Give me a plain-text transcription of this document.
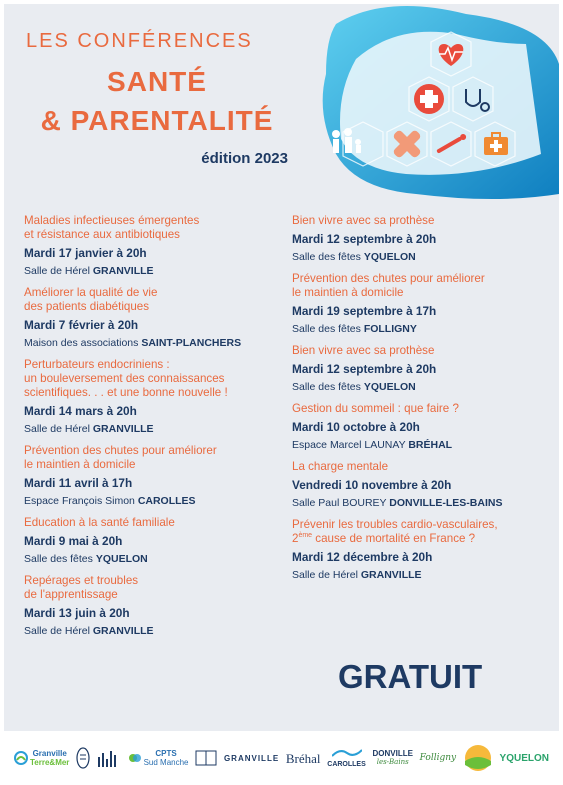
LES CONFÉRENCES
SANTÉ
& PARENTALITÉ
édition 2023
Maladies infectieuses émergentes
et résistance aux antibiotiques
Mardi 17 janvier à 20h
Salle de Hérel GRANVILLE
Améliorer la qualité de vie
des patients diabétiques
Mardi 7 février à 20h
Maison des associations SAINT-PLANCHERS
Perturbateurs endocriniens :
un bouleversement des connaissances
scientifiques. . . et une bonne nouvelle !
Mardi 14 mars à 20h
Salle de Hérel GRANVILLE
Prévention des chutes pour améliorer
le maintien à domicile
Mardi 11 avril à 17h
Espace François Simon CAROLLES
Education à la santé familiale
Mardi 9 mai à 20h
Salle des fêtes YQUELON
Repérages et troubles
de l'apprentissage
Mardi 13 juin à 20h
Salle de Hérel GRANVILLE
Bien vivre avec sa prothèse
Mardi 12 septembre à 20h
Salle des fêtes YQUELON
Prévention des chutes pour améliorer
le maintien à domicile
Mardi 19 septembre à 17h
Salle des fêtes FOLLIGNY
Bien vivre avec sa prothèse
Mardi 12 septembre à 20h
Salle des fêtes YQUELON
Gestion du sommeil : que faire ?
Mardi 10 octobre à 20h
Espace Marcel LAUNAY BRÉHAL
La charge mentale
Vendredi 10 novembre à 20h
Salle Paul BOUREY DONVILLE-LES-BAINS
Prévenir les troubles cardio-vasculaires,
2ème cause de mortalité en France ?
Mardi 12 décembre à 20h
Salle de Hérel GRANVILLE
GRATUIT
Granville
Terre&Mer
CPTS
Sud Manche	GRANVILLE Bréhal CAROLLES
DONVILLE
les-Bains	Folligny	YQUELON
